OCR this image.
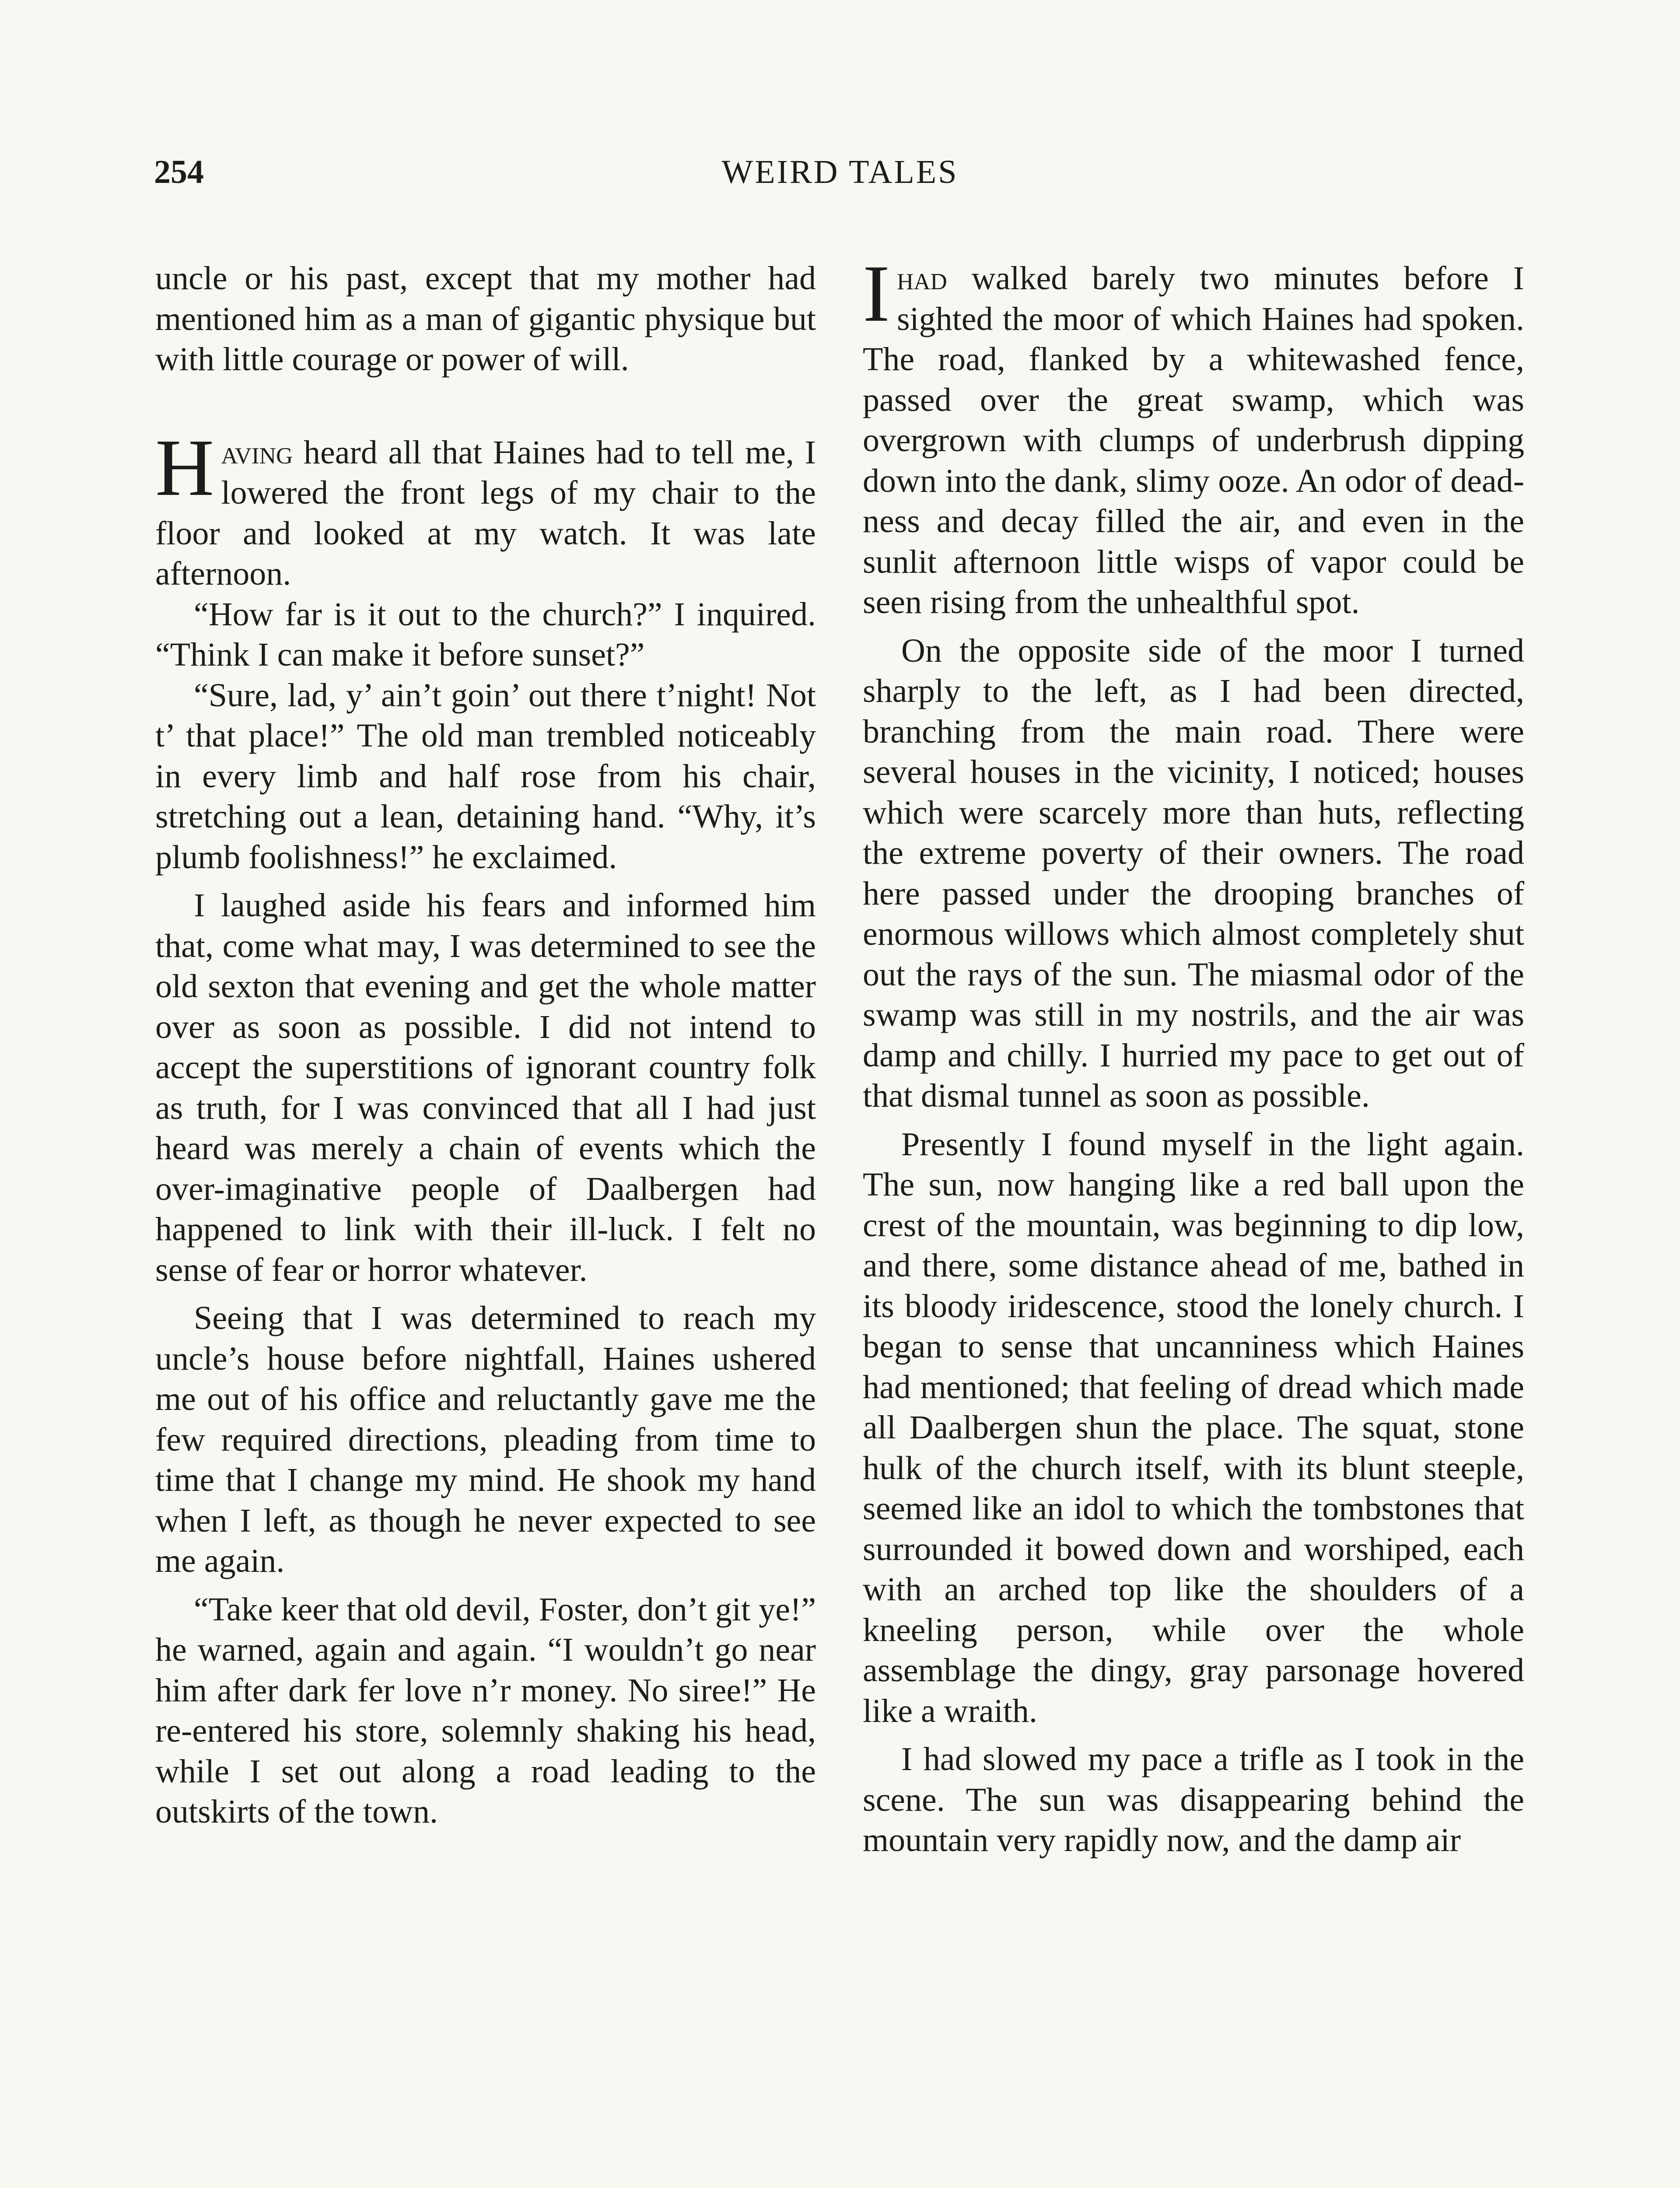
254	WEIRD TALES

uncle or his past, except that my mother had mentioned him as a man of gigantic physique but with little courage or power of will.

Having heard all that Haines had to tell me, I lowered the front legs of my chair to the floor and looked at my watch. It was late afternoon.

“How far is it out to the church?” I inquired. “Think I can make it before sunset?”

“Sure, lad, y’ ain’t goin’ out there t’night! Not t’ that place!” The old man trembled noticeably in every limb and half rose from his chair, stretching out a lean, detaining hand. “Why, it’s plumb foolishness!” he exclaimed.

I laughed aside his fears and informed him that, come what may, I was determined to see the old sexton that evening and get the whole matter over as soon as possible. I did not intend to accept the superstitions of ignorant country folk as truth, for I was convinced that all I had just heard was merely a chain of events which the over-imaginative people of Daalbergen had happened to link with their ill-luck. I felt no sense of fear or horror whatever.

Seeing that I was determined to reach my uncle’s house before nightfall, Haines ushered me out of his office and reluctantly gave me the few required directions, pleading from time to time that I change my mind. He shook my hand when I left, as though he never expected to see me again.

“Take keer that old devil, Foster, don’t git ye!” he warned, again and again. “I wouldn’t go near him after dark fer love n’r money. No siree!” He re-entered his store, solemnly shaking his head, while I set out along a road leading to the outskirts of the town.

Ihad walked barely two minutes before I sighted the moor of which Haines had spoken. The road, flanked by a whitewashed fence, passed over the great swamp, which was overgrown with clumps of underbrush dipping down into the dank, slimy ooze. An odor of deadness and decay filled the air, and even in the sunlit afternoon little wisps of vapor could be seen rising from the unhealthful spot.

On the opposite side of the moor I turned sharply to the left, as I had been directed, branching from the main road. There were several houses in the vicinity, I noticed; houses which were scarcely more than huts, reflecting the extreme poverty of their owners. The road here passed under the drooping branches of enormous willows which almost completely shut out the rays of the sun. The miasmal odor of the swamp was still in my nostrils, and the air was damp and chilly. I hurried my pace to get out of that dismal tunnel as soon as possible.

Presently I found myself in the light again. The sun, now hanging like a red ball upon the crest of the mountain, was beginning to dip low, and there, some distance ahead of me, bathed in its bloody iridescence, stood the lonely church. I began to sense that uncanniness which Haines had mentioned; that feeling of dread which made all Daalbergen shun the place. The squat, stone hulk of the church itself, with its blunt steeple, seemed like an idol to which the tombstones that surrounded it bowed down and worshiped, each with an arched top like the shoulders of a kneeling person, while over the whole assemblage the dingy, gray parsonage hovered like a wraith.

I had slowed my pace a trifle as I took in the scene. The sun was disappearing behind the mountain very rapidly now, and the damp air
